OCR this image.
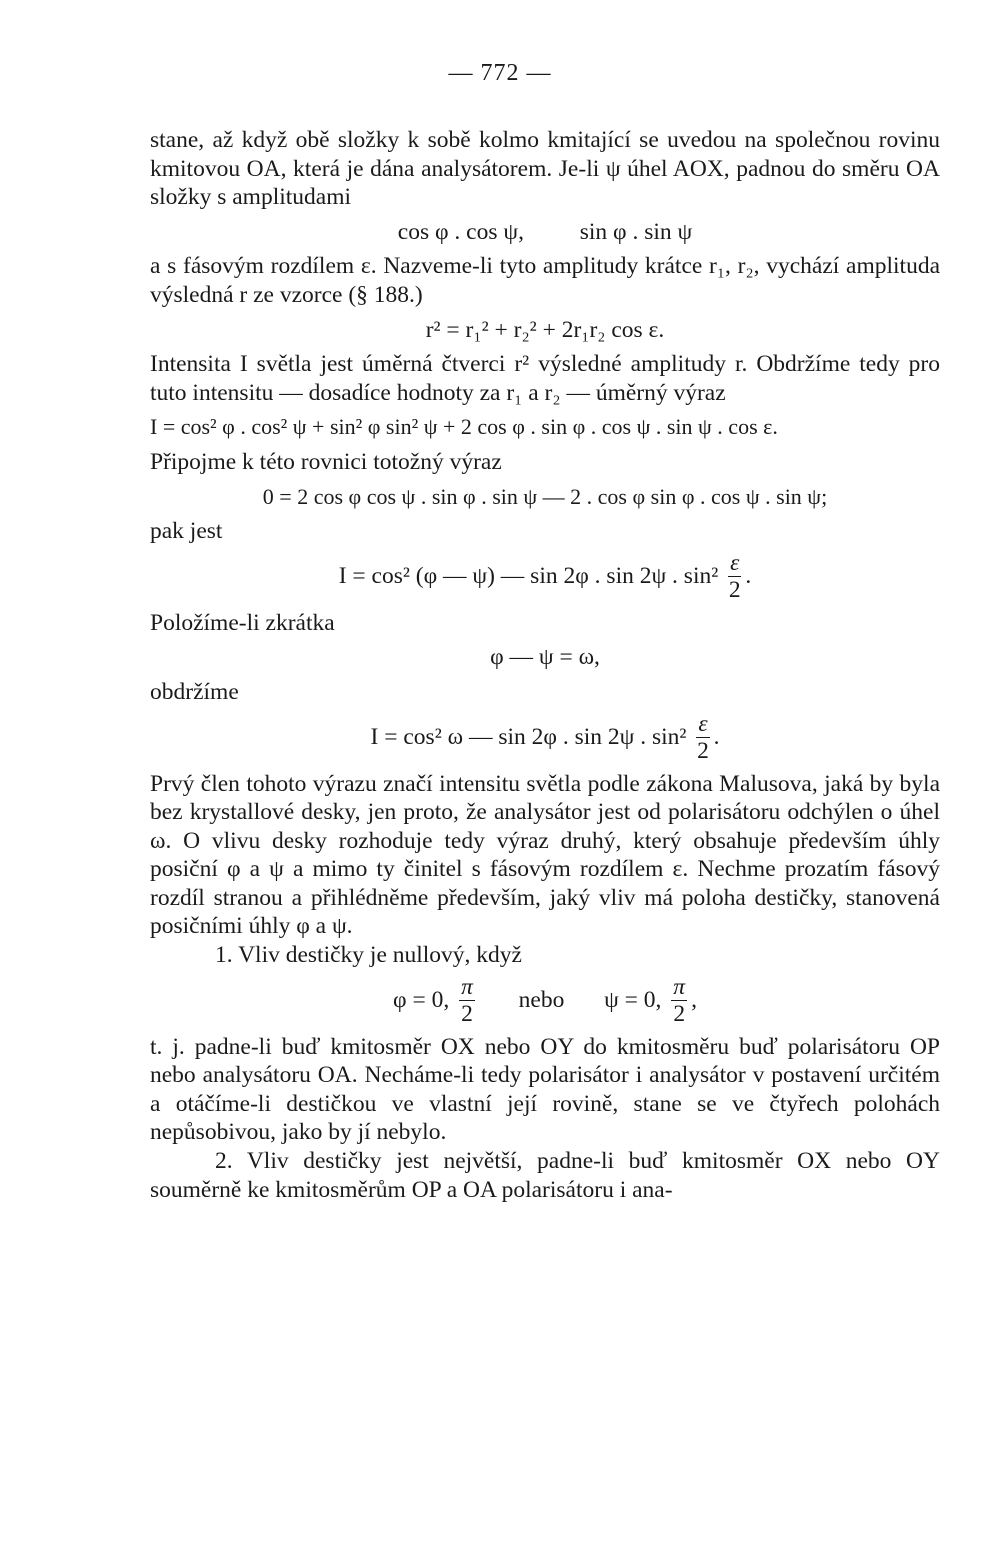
— 772 —

stane, až když obě složky k sobě kolmo kmitající se uvedou na společnou rovinu kmitovou OA, která je dána analysátorem. Je-li ψ úhel AOX, padnou do směru OA složky s amplitudami

cos φ . cos ψ, sin φ . sin ψ

a s fásovým rozdílem ε. Nazveme-li tyto amplitudy krátce r₁, r₂, vychází amplituda výsledná r ze vzorce (§ 188.)

r² = r₁² + r₂² + 2r₁r₂ cos ε.

Intensita I světla jest úměrná čtverci r² výsledné amplitudy r. Obdržíme tedy pro tuto intensitu — dosadíce hodnoty za r₁ a r₂ — úměrný výraz

I = cos² φ . cos² ψ + sin² φ sin² ψ + 2 cos φ . sin φ . cos ψ . sin ψ . cos ε.

Připojme k této rovnici totožný výraz

0 = 2 cos φ cos ψ . sin φ . sin ψ — 2 . cos φ sin φ . cos ψ . sin ψ;

pak jest

I = cos² (φ — ψ) — sin 2φ . sin 2ψ . $\sin^2 \frac{\varepsilon}{2}$ .

Položíme-li zkrátka

φ — ψ = ω,

obdržíme

I = cos² ω — sin 2φ . sin 2ψ . $\sin^2 \frac{\varepsilon}{2}$ .

Prvý člen tohoto výrazu značí intensitu světla podle zákona Malusova, jaká by byla bez krystallové desky, jen proto, že analysátor jest od polarisátoru odchýlen o úhel ω. O vlivu desky rozhoduje tedy výraz druhý, který obsahuje především úhly posiční φ a ψ a mimo ty činitel s fásovým rozdílem ε. Nechme prozatím fásový rozdíl stranou a přihlédněme především, jaký vliv má poloha destičky, stanovená posičními úhly φ a ψ.

1. Vliv destičky je nullový, když

φ = 0, $\frac{\pi}{2}$ nebo ψ = 0, $\frac{\pi}{2}$ ,

t. j. padne-li buď kmitosměr OX nebo OY do kmitosměru buď polarisátoru OP nebo analysátoru OA. Necháme-li tedy polarisátor i analysátor v postavení určitém a otáčíme-li destičkou ve vlastní její rovině, stane se ve čtyřech polohách nepůsobivou, jako by jí nebylo.

2. Vliv destičky jest největší, padne-li buď kmitosměr OX nebo OY souměrně ke kmitosměrům OP a OA polarisátoru i ana-
